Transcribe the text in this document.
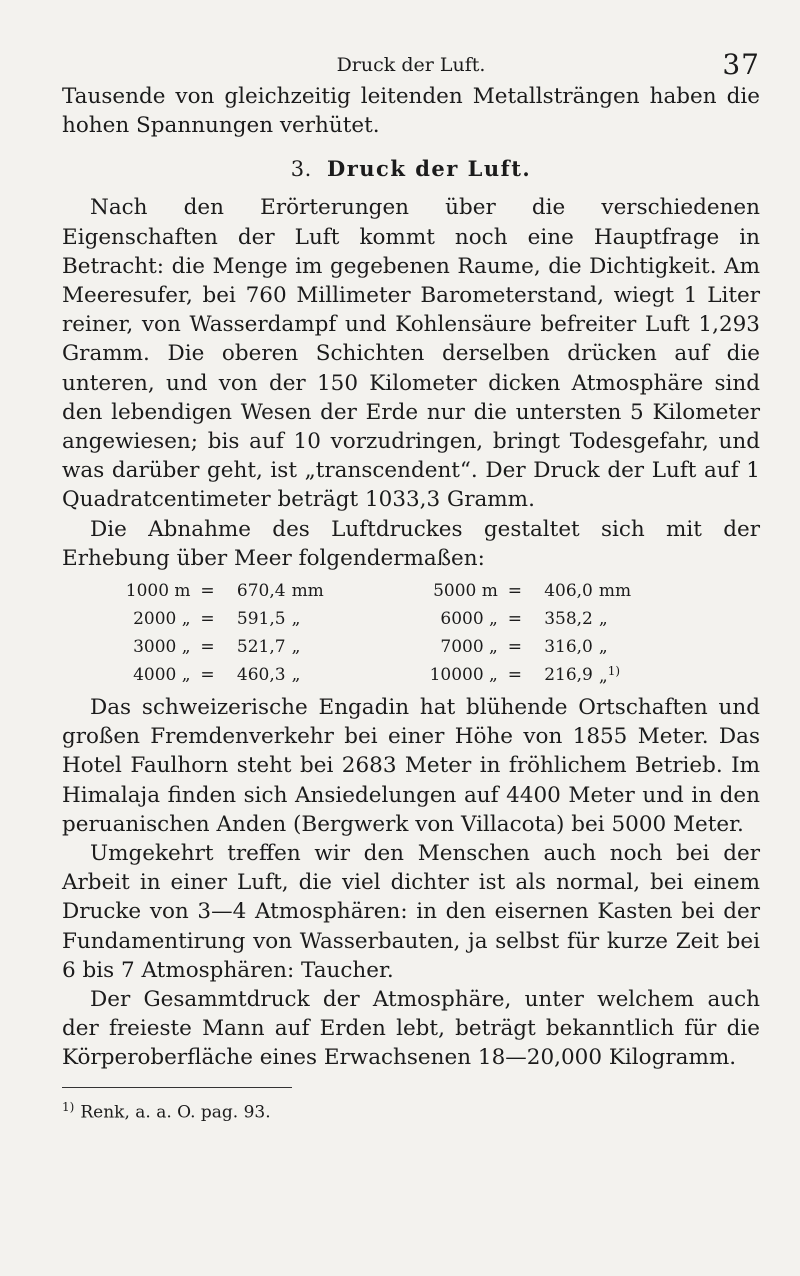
Druck der Luft.	37

Tausende von gleichzeitig leitenden Metallsträngen haben die hohen Spannungen verhütet.

3. Druck der Luft.

Nach den Erörterungen über die verschiedenen Eigenschaften der Luft kommt noch eine Hauptfrage in Betracht: die Menge im gegebenen Raume, die Dichtigkeit. Am Meeresufer, bei 760 Millimeter Barometerstand, wiegt 1 Liter reiner, von Wasserdampf und Kohlensäure befreiter Luft 1,293 Gramm. Die oberen Schichten derselben drücken auf die unteren, und von der 150 Kilometer dicken Atmosphäre sind den lebendigen Wesen der Erde nur die untersten 5 Kilometer angewiesen; bis auf 10 vorzudringen, bringt Todesgefahr, und was darüber geht, ist „transcendent“. Der Druck der Luft auf 1 Quadratcentimeter beträgt 1033,3 Gramm.

Die Abnahme des Luftdruckes gestaltet sich mit der Erhebung über Meer folgendermaßen:

1000 m	=	670,4	mm		5000 m	=	406,0	mm
2000 „	=	591,5	„		6000 „	=	358,2	„
3000 „	=	521,7	„		7000 „	=	316,0	„
4000 „	=	460,3	„		10000 „	=	216,9	„$^{1)}$

Das schweizerische Engadin hat blühende Ortschaften und großen Fremdenverkehr bei einer Höhe von 1855 Meter. Das Hotel Faulhorn steht bei 2683 Meter in fröhlichem Betrieb. Im Himalaja finden sich Ansiedelungen auf 4400 Meter und in den peruanischen Anden (Bergwerk von Villacota) bei 5000 Meter.

Umgekehrt treffen wir den Menschen auch noch bei der Arbeit in einer Luft, die viel dichter ist als normal, bei einem Drucke von 3—4 Atmosphären: in den eisernen Kasten bei der Fundamentirung von Wasserbauten, ja selbst für kurze Zeit bei 6 bis 7 Atmosphären: Taucher.

Der Gesammtdruck der Atmosphäre, unter welchem auch der freieste Mann auf Erden lebt, beträgt bekanntlich für die Körperoberfläche eines Erwachsenen 18—20,000 Kilogramm.

$^{1)}$ Renk, a. a. O. pag. 93.
